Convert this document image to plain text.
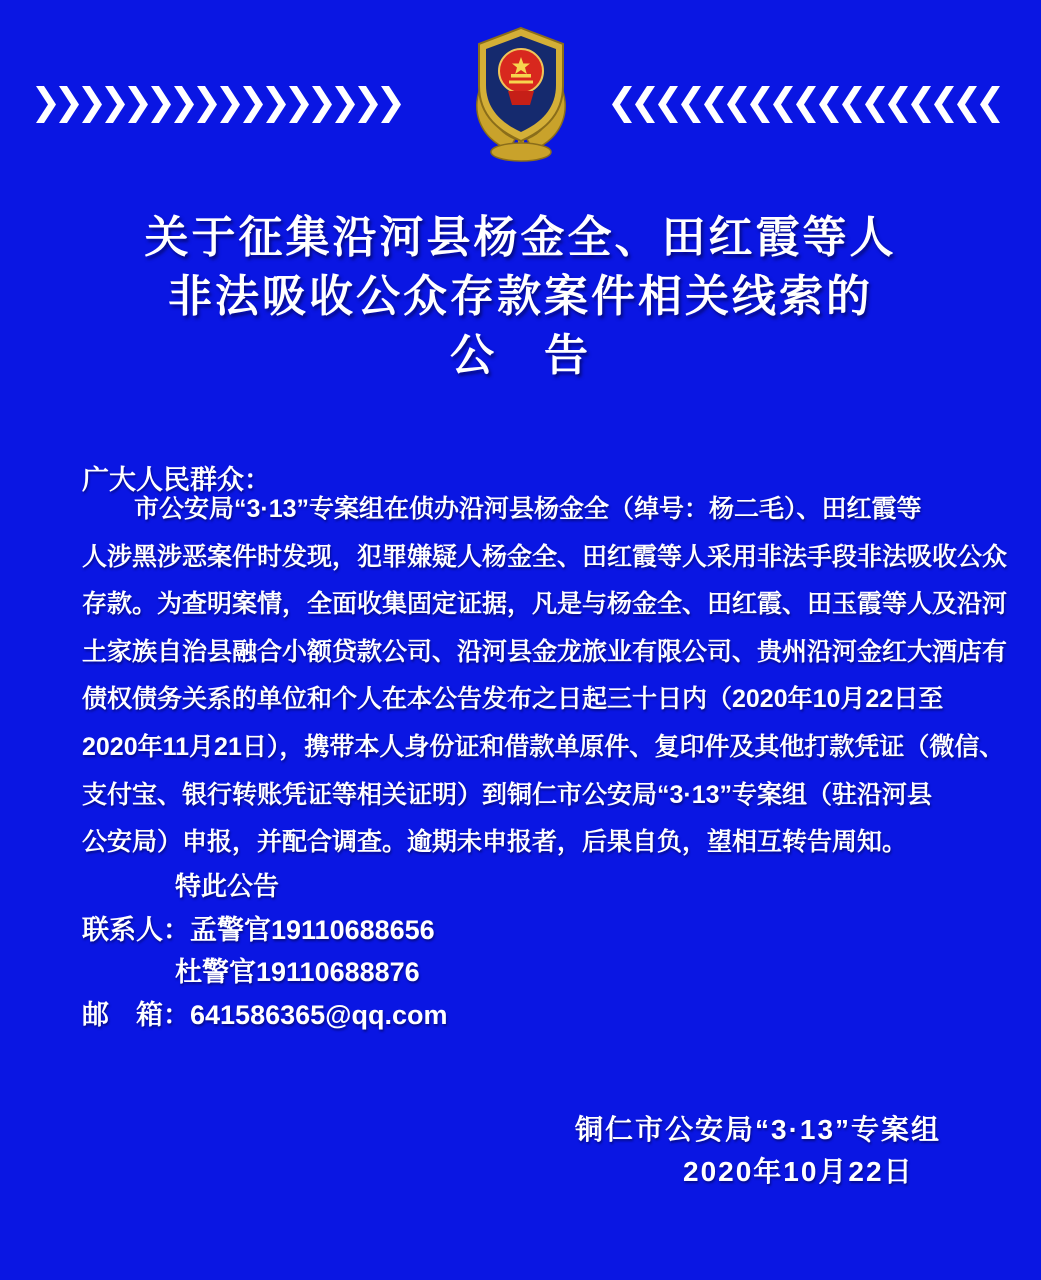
关于征集沿河县杨金全、田红霞等人
非法吸收公众存款案件相关线索的
公　告
广大人民群众：
市公安局“3·13”专案组在侦办沿河县杨金全（绰号：杨二毛）、田红霞等
人涉黑涉恶案件时发现，犯罪嫌疑人杨金全、田红霞等人采用非法手段非法吸收公众
存款。为查明案情，全面收集固定证据，凡是与杨金全、田红霞、田玉霞等人及沿河
土家族自治县融合小额贷款公司、沿河县金龙旅业有限公司、贵州沿河金红大酒店有
债权债务关系的单位和个人在本公告发布之日起三十日内（2020年10月22日至
2020年11月21日），携带本人身份证和借款单原件、复印件及其他打款凭证（微信、
支付宝、银行转账凭证等相关证明）到铜仁市公安局“3·13”专案组（驻沿河县
公安局）申报，并配合调查。逾期未申报者，后果自负，望相互转告周知。
特此公告
联系人：孟警官19110688656
杜警官19110688876
邮　箱：641586365@qq.com
铜仁市公安局“3·13”专案组
2020年10月22日
